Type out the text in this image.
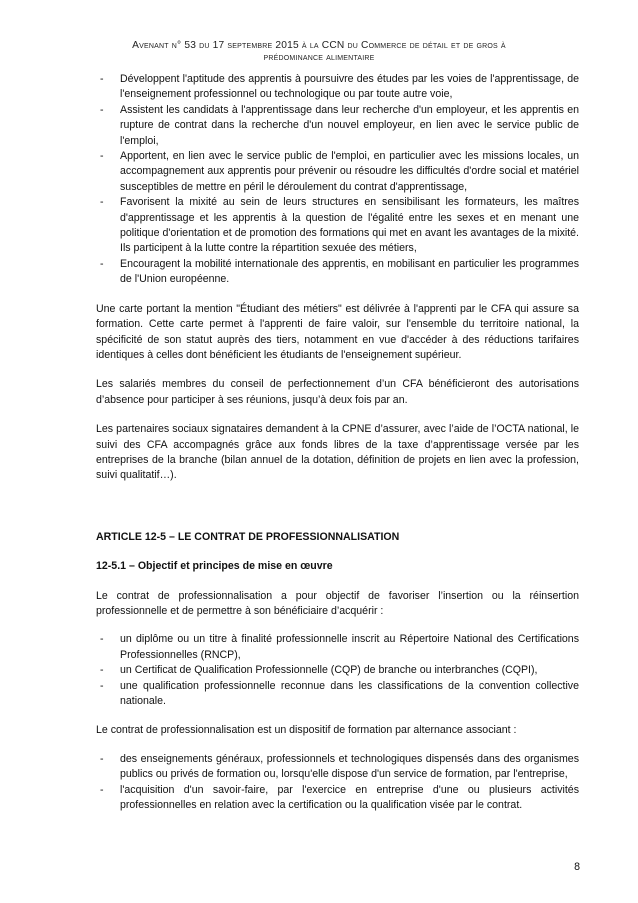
Avenant n° 53 du 17 septembre 2015 à la CCN du Commerce de détail et de gros à
prédominance alimentaire
- Développent l'aptitude des apprentis à poursuivre des études par les voies de l'apprentissage, de l'enseignement professionnel ou technologique ou par toute autre voie,
- Assistent les candidats à l'apprentissage dans leur recherche d'un employeur, et les apprentis en rupture de contrat dans la recherche d'un nouvel employeur, en lien avec le service public de l'emploi,
- Apportent, en lien avec le service public de l'emploi, en particulier avec les missions locales, un accompagnement aux apprentis pour prévenir ou résoudre les difficultés d'ordre social et matériel susceptibles de mettre en péril le déroulement du contrat d'apprentissage,
- Favorisent la mixité au sein de leurs structures en sensibilisant les formateurs, les maîtres d'apprentissage et les apprentis à la question de l'égalité entre les sexes et en menant une politique d'orientation et de promotion des formations qui met en avant les avantages de la mixité. Ils participent à la lutte contre la répartition sexuée des métiers,
- Encouragent la mobilité internationale des apprentis, en mobilisant en particulier les programmes de l'Union européenne.

Une carte portant la mention "Étudiant des métiers" est délivrée à l'apprenti par le CFA qui assure sa formation. Cette carte permet à l'apprenti de faire valoir, sur l'ensemble du territoire national, la spécificité de son statut auprès des tiers, notamment en vue d'accéder à des réductions tarifaires identiques à celles dont bénéficient les étudiants de l'enseignement supérieur.

Les salariés membres du conseil de perfectionnement d’un CFA bénéficieront des autorisations d’absence pour participer à ses réunions, jusqu’à deux fois par an.

Les partenaires sociaux signataires demandent à la CPNE d’assurer, avec l’aide de l’OCTA national, le suivi des CFA accompagnés grâce aux fonds libres de la taxe d’apprentissage versée par les entreprises de la branche (bilan annuel de la dotation, définition de projets en lien avec la profession, suivi qualitatif…).

ARTICLE 12-5 – LE CONTRAT DE PROFESSIONNALISATION

12-5.1 – Objectif et principes de mise en œuvre

Le contrat de professionnalisation a pour objectif de favoriser l’insertion ou la réinsertion professionnelle et de permettre à son bénéficiaire d’acquérir :

- un diplôme ou un titre à finalité professionnelle inscrit au Répertoire National des Certifications Professionnelles (RNCP),
- un Certificat de Qualification Professionnelle (CQP) de branche ou interbranches (CQPI),
- une qualification professionnelle reconnue dans les classifications de la convention collective nationale.

Le contrat de professionnalisation est un dispositif de formation par alternance associant :

- des enseignements généraux, professionnels et technologiques dispensés dans des organismes publics ou privés de formation ou, lorsqu'elle dispose d'un service de formation, par l'entreprise,
- l'acquisition d'un savoir-faire, par l'exercice en entreprise d'une ou plusieurs activités professionnelles en relation avec la certification ou la qualification visée par le contrat.
8
